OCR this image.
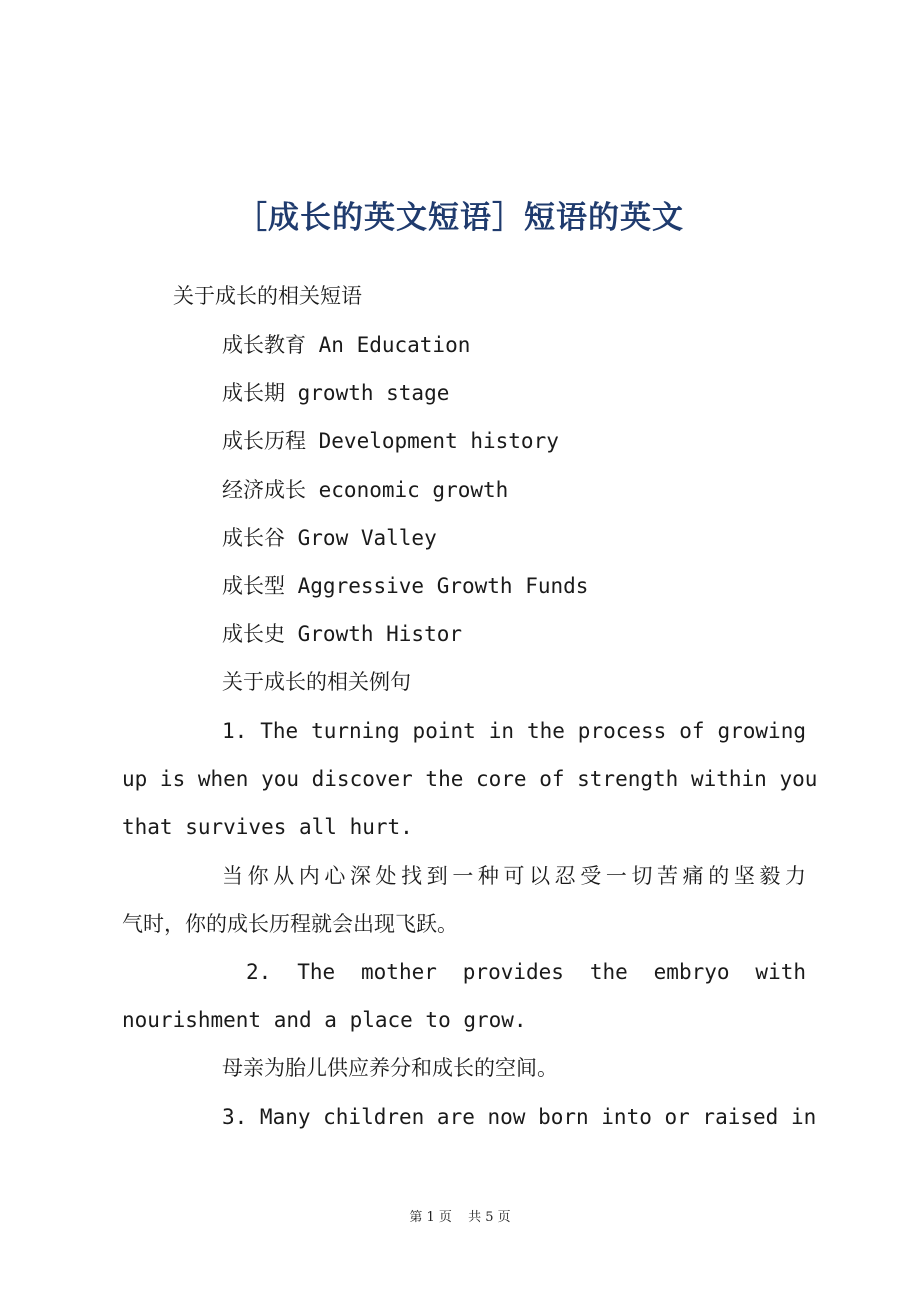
［成长的英文短语］短语的英文

关于成长的相关短语

成长教育 An Education

成长期 growth stage

成长历程 Development history

经济成长 economic growth

成长谷 Grow Valley

成长型 Aggressive Growth Funds

成长史 Growth Histor

关于成长的相关例句

1. The turning point in the process of growing

up is when you discover the core of strength within you

that survives all hurt.

当你从内心深处找到一种可以忍受一切苦痛的坚毅力

气时，你的成长历程就会出现飞跃。

2. The mother provides the embryo with

nourishment and a place to grow.

母亲为胎儿供应养分和成长的空间。

3. Many children are now born into or raised in

第 1 页 共 5 页
